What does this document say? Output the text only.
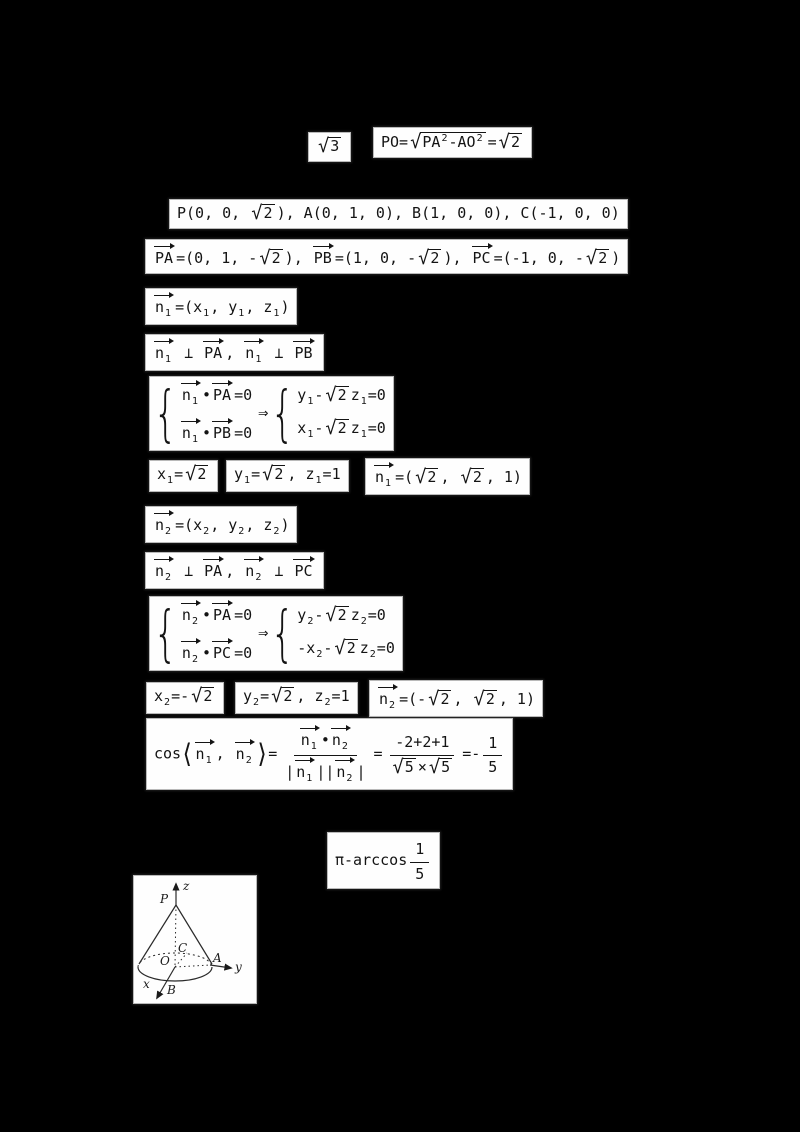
√ 3	PO= √ $PA^2-AO^2$ = √ 2
P(0, 0, √ 2 ), A(0, 1, 0), B(1, 0, 0), C(-1, 0, 0)
PA =(0, 1, - √ 2 ), PB =(1, 0, - √ 2 ), PC =(-1, 0, - √ 2 )
$n_1 =(x_1$, $y_1$, $z_1$)
$n_1$
⊥ PA , $n_1$
⊥ PB
{ $n_1$ • PA =0
$n_1$ • PB =0
⇒ { $y_1-$ √ 2 $z_1=0$
$x_1-$ √ 2 $z_1=0$
$x_1=$ √ 2	$y_1=$ √ 2 , $z_1=1$	$n_1$ =( √ 2 , √ 2 , 1)
$n_2 =(x_2$, $y_2$, $z_2$)
$n_2$
⊥ PA , $n_2$
⊥ PC
{ $n_2$ • PA =0
$n_2$ • PC =0
⇒ { $y_2-$ √ 2 $z_2=0$
$-x_2-$ √ 2 $z_2=0$
$x_2=-$ √ 2	$y_2=$ √ 2 , $z_2=1$	$n_2$ =(- √ 2 , √ 2 , 1)
$\cos⟨n_1$ , $n_2$ ⟩= $\frac{n_1 • n_2}{| n_1 || n_2 |} = \frac{-2+2+1}{√ 5 \times √ 5} =- \frac{1}{5}$
$\pi-\arccos \frac{1}{5}$
z
P
C
O	A
y
x B
